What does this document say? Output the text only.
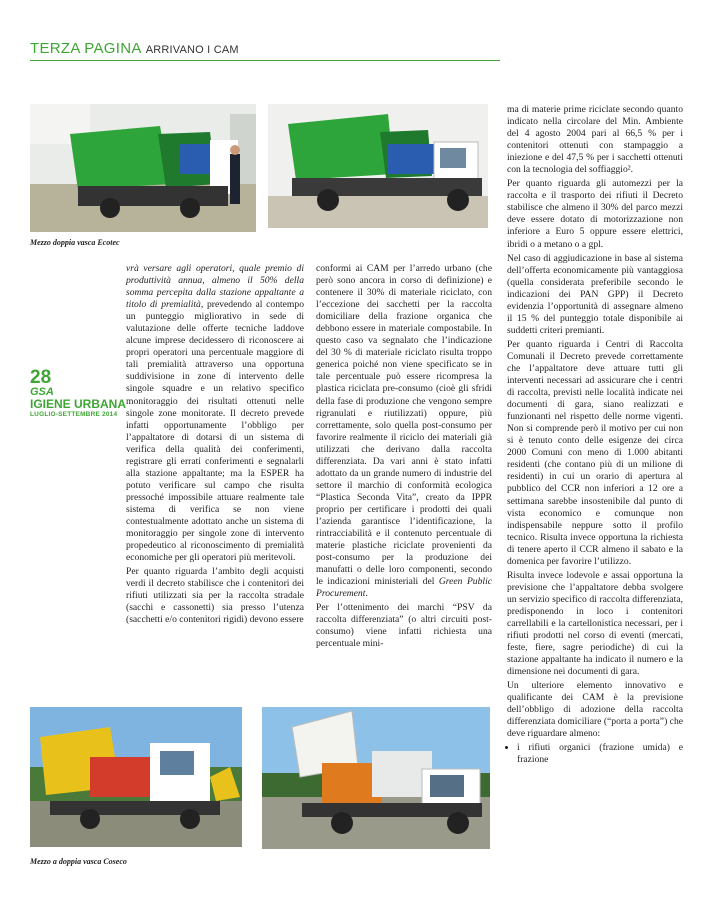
TERZA PAGINA ARRIVANO I CAM
Mezzo doppia vasca Ecotec
28
GSA
IGIENE URBANA
LUGLIO-SETTEMBRE 2014

vrà versare agli operatori, quale premio di produttività annua, almeno il 50% della somma percepita dalla stazione appaltante a titolo di premialità, prevedendo al contempo un punteggio migliorativo in sede di valutazione delle offerte tecniche laddove alcune imprese decidessero di riconoscere ai propri operatori una percentuale maggiore di tali premialità attraverso una opportuna suddivisione in zone di intervento delle singole squadre e un relativo specifico monitoraggio dei risultati ottenuti nelle singole zone monitorate. Il decreto prevede infatti opportunamente l’obbligo per l’appaltatore di dotarsi di un sistema di verifica della qualità dei conferimenti, registrare gli errati conferimenti e segnalarli alla stazione appaltante; ma la ESPER ha potuto verificare sul campo che risulta pressoché impossibile attuare realmente tale sistema di verifica se non viene contestualmente adottato anche un sistema di monitoraggio per singole zone di intervento propedeutico al riconoscimento di premialità economiche per gli operatori più meritevoli.

Per quanto riguarda l’ambito degli acquisti verdi il decreto stabilisce che i contenitori dei rifiuti utilizzati sia per la raccolta stradale (sacchi e cassonetti) sia presso l’utenza (sacchetti e/o contenitori rigidi) devono essere

conformi ai CAM per l’arredo urbano (che però sono ancora in corso di definizione) e contenere il 30% di materiale riciclato, con l’eccezione dei sacchetti per la raccolta domiciliare della frazione organica che debbono essere in materiale compostabile. In questo caso va segnalato che l’indicazione del 30 % di materiale riciclato risulta troppo generica poiché non viene specificato se in tale percentuale può essere ricompresa la plastica riciclata pre-consumo (cioè gli sfridi della fase di produzione che vengono sempre rigranulati e riutilizzati) oppure, più correttamente, solo quella post-consumo per favorire realmente il riciclo dei materiali già utilizzati che derivano dalla raccolta differenziata. Da vari anni è stato infatti adottato da un grande numero di industrie del settore il marchio di conformità ecologica “Plastica Seconda Vita”, creato da IPPR proprio per certificare i prodotti dei quali l’azienda garantisce l’identificazione, la rintracciabilità e il contenuto percentuale di materie plastiche riciclate provenienti da post-consumo per la produzione dei manufatti o delle loro componenti, secondo le indicazioni ministeriali del Green Public Procurement.

Per l’ottenimento dei marchi “PSV da raccolta differenziata” (o altri circuiti post-consumo) viene infatti richiesta una percentuale mini-

ma di materie prime riciclate secondo quanto indicato nella circolare del Min. Ambiente del 4 agosto 2004 pari al 66,5 % per i contenitori ottenuti con stampaggio a iniezione e del 47,5 % per i sacchetti ottenuti con la tecnologia del soffiaggio².

Per quanto riguarda gli automezzi per la raccolta e il trasporto dei rifiuti il Decreto stabilisce che almeno il 30% del parco mezzi deve essere dotato di motorizzazione non inferiore a Euro 5 oppure essere elettrici, ibridi o a metano o a gpl.

Nel caso di aggiudicazione in base al sistema dell’offerta economicamente più vantaggiosa (quella considerata preferibile secondo le indicazioni dei PAN GPP) il Decreto evidenzia l’opportunità di assegnare almeno il 15 % del punteggio totale disponibile ai suddetti criteri premianti.

Per quanto riguarda i Centri di Raccolta Comunali il Decreto prevede correttamente che l’appaltatore deve attuare tutti gli interventi necessari ad assicurare che i centri di raccolta, previsti nelle località indicate nei documenti di gara, siano realizzati e funzionanti nel rispetto delle norme vigenti. Non si comprende però il motivo per cui non si è tenuto conto delle esigenze dei circa 2000 Comuni con meno di 1.000 abitanti residenti (che contano più di un milione di residenti) in cui un orario di apertura al pubblico del CCR non inferiori a 12 ore a settimana sarebbe insostenibile dal punto di vista economico e comunque non indispensabile neppure sotto il profilo tecnico. Risulta invece opportuna la richiesta di tenere aperto il CCR almeno il sabato e la domenica per favorire l’utilizzo.

Risulta invece lodevole e assai opportuna la previsione che l’appaltatore debba svolgere un servizio specifico di raccolta differenziata, predisponendo in loco i contenitori carrellabili e la cartellonistica necessari, per i rifiuti prodotti nel corso di eventi (mercati, feste, fiere, sagre periodiche) di cui la stazione appaltante ha indicato il numero e la dimensione nei documenti di gara.

Un ulteriore elemento innovativo e qualificante dei CAM è la previsione dell’obbligo di adozione della raccolta differenziata domiciliare (“porta a porta”) che deve riguardare almeno:

• i rifiuti organici (frazione umida) e frazione
Mezzo a doppia vasca Coseco
